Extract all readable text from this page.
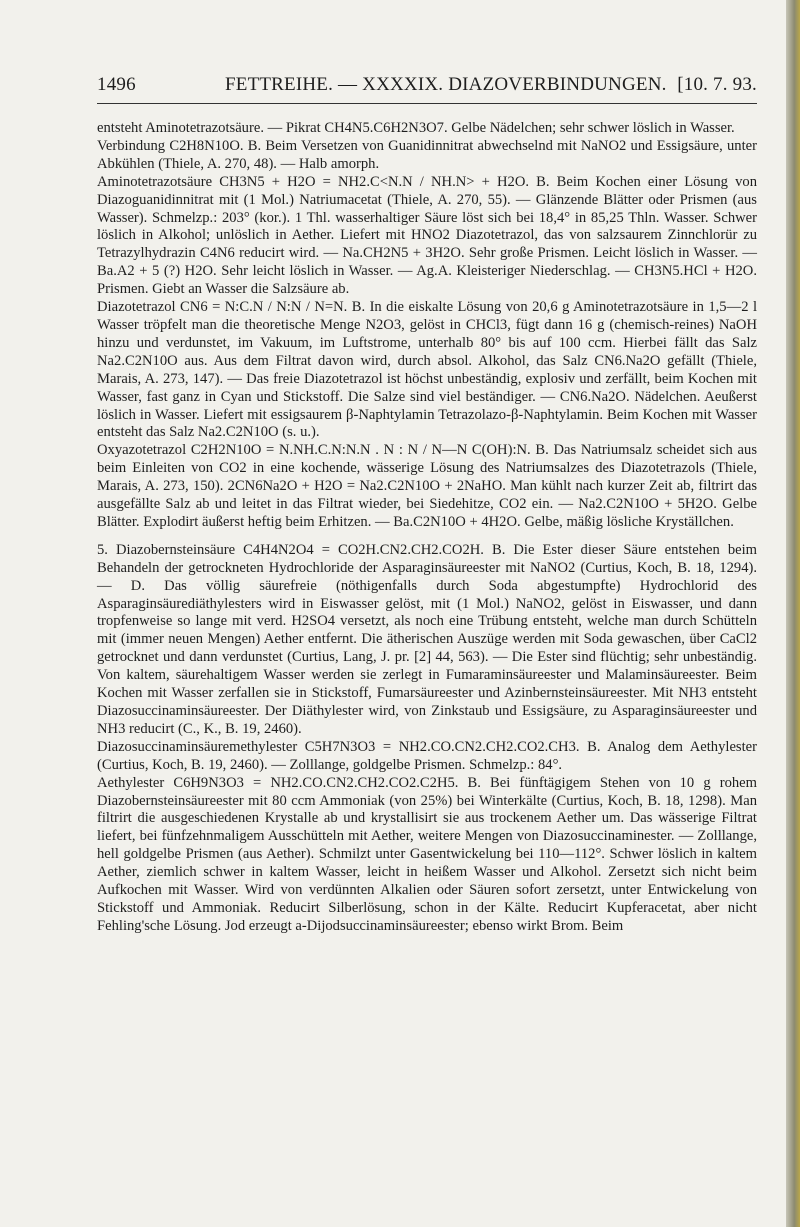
1496	FETTREIHE. — XXXXIX. DIAZOVERBINDUNGEN. [10. 7. 93.

entsteht Aminotetrazotsäure. — Pikrat CH4N5.C6H2N3O7. Gelbe Nädelchen; sehr schwer löslich in Wasser.

Verbindung C2H8N10O. B. Beim Versetzen von Guanidinnitrat abwechselnd mit NaNO2 und Essigsäure, unter Abkühlen (Thiele, A. 270, 48). — Halb amorph.

Aminotetrazotsäure CH3N5 + H2O = NH2.C<N.N / NH.N> + H2O. B. Beim Kochen einer Lösung von Diazoguanidinnitrat mit (1 Mol.) Natriumacetat (Thiele, A. 270, 55). — Glänzende Blätter oder Prismen (aus Wasser). Schmelzp.: 203° (kor.). 1 Thl. wasserhaltiger Säure löst sich bei 18,4° in 85,25 Thln. Wasser. Schwer löslich in Alkohol; unlöslich in Aether. Liefert mit HNO2 Diazotetrazol, das von salzsaurem Zinnchlorür zu Tetrazylhydrazin C4N6 reducirt wird. — Na.CH2N5 + 3H2O. Sehr große Prismen. Leicht löslich in Wasser. — Ba.A2 + 5 (?) H2O. Sehr leicht löslich in Wasser. — Ag.A. Kleisteriger Niederschlag. — CH3N5.HCl + H2O. Prismen. Giebt an Wasser die Salzsäure ab.

Diazotetrazol CN6 = N:C.N / N:N / N=N. B. In die eiskalte Lösung von 20,6 g Aminotetrazotsäure in 1,5—2 l Wasser tröpfelt man die theoretische Menge N2O3, gelöst in CHCl3, fügt dann 16 g (chemisch-reines) NaOH hinzu und verdunstet, im Vakuum, im Luftstrome, unterhalb 80° bis auf 100 ccm. Hierbei fällt das Salz Na2.C2N10O aus. Aus dem Filtrat davon wird, durch absol. Alkohol, das Salz CN6.Na2O gefällt (Thiele, Marais, A. 273, 147). — Das freie Diazotetrazol ist höchst unbeständig, explosiv und zerfällt, beim Kochen mit Wasser, fast ganz in Cyan und Stickstoff. Die Salze sind viel beständiger. — CN6.Na2O. Nädelchen. Aeußerst löslich in Wasser. Liefert mit essigsaurem β-Naphtylamin Tetrazolazo-β-Naphtylamin. Beim Kochen mit Wasser entsteht das Salz Na2.C2N10O (s. u.).

Oxyazotetrazol C2H2N10O = N.NH.C.N:N.N . N : N / N—N C(OH):N. B. Das Natriumsalz scheidet sich aus beim Einleiten von CO2 in eine kochende, wässerige Lösung des Natriumsalzes des Diazotetrazols (Thiele, Marais, A. 273, 150). 2CN6Na2O + H2O = Na2.C2N10O + 2NaHO. Man kühlt nach kurzer Zeit ab, filtrirt das ausgefällte Salz ab und leitet in das Filtrat wieder, bei Siedehitze, CO2 ein. — Na2.C2N10O + 5H2O. Gelbe Blätter. Explodirt äußerst heftig beim Erhitzen. — Ba.C2N10O + 4H2O. Gelbe, mäßig lösliche Kryställchen.

5. Diazobernsteinsäure C4H4N2O4 = CO2H.CN2.CH2.CO2H. B. Die Ester dieser Säure entstehen beim Behandeln der getrockneten Hydrochloride der Asparaginsäureester mit NaNO2 (Curtius, Koch, B. 18, 1294). — D. Das völlig säurefreie (nöthigenfalls durch Soda abgestumpfte) Hydrochlorid des Asparaginsäurediäthylesters wird in Eiswasser gelöst, mit (1 Mol.) NaNO2, gelöst in Eiswasser, und dann tropfenweise so lange mit verd. H2SO4 versetzt, als noch eine Trübung entsteht, welche man durch Schütteln mit (immer neuen Mengen) Aether entfernt. Die ätherischen Auszüge werden mit Soda gewaschen, über CaCl2 getrocknet und dann verdunstet (Curtius, Lang, J. pr. [2] 44, 563). — Die Ester sind flüchtig; sehr unbeständig. Von kaltem, säurehaltigem Wasser werden sie zerlegt in Fumaraminsäureester und Malaminsäureester. Beim Kochen mit Wasser zerfallen sie in Stickstoff, Fumarsäureester und Azinbernsteinsäureester. Mit NH3 entsteht Diazosuccinaminsäureester. Der Diäthylester wird, von Zinkstaub und Essigsäure, zu Asparaginsäureester und NH3 reducirt (C., K., B. 19, 2460).

Diazosuccinaminsäuremethylester C5H7N3O3 = NH2.CO.CN2.CH2.CO2.CH3. B. Analog dem Aethylester (Curtius, Koch, B. 19, 2460). — Zolllange, goldgelbe Prismen. Schmelzp.: 84°.

Aethylester C6H9N3O3 = NH2.CO.CN2.CH2.CO2.C2H5. B. Bei fünftägigem Stehen von 10 g rohem Diazobernsteinsäureester mit 80 ccm Ammoniak (von 25%) bei Winterkälte (Curtius, Koch, B. 18, 1298). Man filtrirt die ausgeschiedenen Krystalle ab und krystallisirt sie aus trockenem Aether um. Das wässerige Filtrat liefert, bei fünfzehnmaligem Ausschütteln mit Aether, weitere Mengen von Diazosuccinaminester. — Zolllange, hell goldgelbe Prismen (aus Aether). Schmilzt unter Gasentwickelung bei 110—112°. Schwer löslich in kaltem Aether, ziemlich schwer in kaltem Wasser, leicht in heißem Wasser und Alkohol. Zersetzt sich nicht beim Aufkochen mit Wasser. Wird von verdünnten Alkalien oder Säuren sofort zersetzt, unter Entwickelung von Stickstoff und Ammoniak. Reducirt Silberlösung, schon in der Kälte. Reducirt Kupferacetat, aber nicht Fehling'sche Lösung. Jod erzeugt a-Dijodsuccinaminsäureester; ebenso wirkt Brom. Beim
